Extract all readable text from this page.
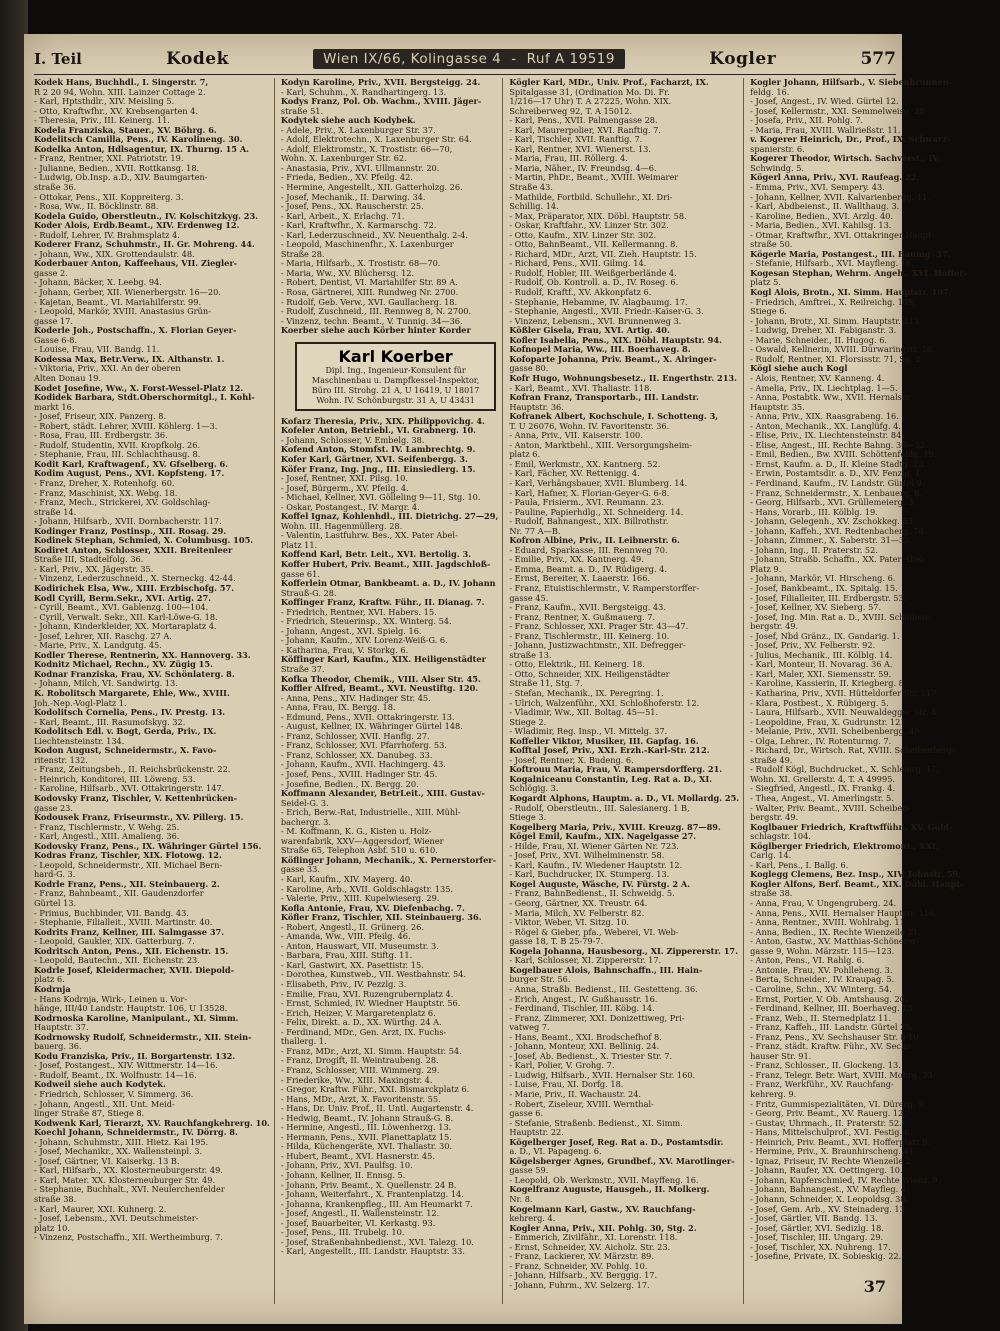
I. Teil	Kodek	Wien IX/66, Kolingasse 4 - Ruf A 19519	Kogler	577
Kodek Hans, Buchhdl., I. Singerstr. 7,
R 2 20 94, Wohn. XIII. Lainzer Cottage 2.
- Karl, Hptsthdlr., XIV. Meisling 5.
- Otto, Kraftwfhr., XV. Krebsengarten 4.
- Theresia, Priv., III. Keinerg. 11.
Kodela Franziska, Stauer., XV. Böhrg. 6.
Kodelitsch Camilla, Pens., IV. Karolineng. 30.
Kodelka Anton, Hdlsagentur, IX. Thurng. 15 A.
- Franz, Rentner, XXI. Patriotstr. 19.
- Julianne, Bedien., XVII. Rottkansg. 18.
- Ludwig, Ob.Insp. a.D., XIV. Baumgarten-
straße 36.
- Ottokar, Pens., XII. Koppreiterg. 3.
- Rosa, Ww., II. Böcklinstr. 88.
Kodela Guido, Oberstleutn., IV. Kolschitzkyg. 23.
Koder Alois, Erdb.Beamt., XIV. Erdenweg 12.
- Rudolf, Lehrer, IV. Brahmsplatz 4.
Koderer Franz, Schuhmstr., II. Gr. Mohreng. 44.
- Johann, Ww., XIX. Grottendaulstr. 48.
Koderbauer Anton, Kaffeehaus, VII. Ziegler-
gasse 2.
- Johann, Bäcker, X. Leebg. 94.
- Johann, Gerber, XII. Wienerbergstr. 16—20.
- Kajetan, Beamt., VI. Mariahilferstr. 99.
- Leopold, Markör, XVIII. Anastasius Grün-
gasse 17.
Koderle Joh., Postschaffn., X. Florian Geyer-
Gasse 6-8.
- Louise, Frau, VII. Bandg. 11.
Kodessa Max, Betr.Verw., IX. Althanstr. 1.
- Viktoria, Priv., XXI. An der oberen
Alten Donau 19.
Kodet Josefine, Ww., X. Forst-Wessel-Platz 12.
Kodidek Barbara, Stdt.Oberschormitgl., I. Kohl-
markt 16.
- Josef, Friseur, XIX. Panzerg. 8.
- Robert, städt. Lehrer, XVIII. Köhlerg. 1—3.
- Rosa, Frau, III. Erdbergstr. 36.
- Rudolf, Studentin, XVII. Kropfkolg. 26.
- Stephanie, Frau, III. Schlachthausg. 8.
Kodit Karl, Kraftwagenf., XV. Gfselberg. 6.
Kodim August, Pens., XVI. Kopfsteng. 17.
- Franz, Dreher, X. Rotenhofg. 60.
- Franz, Maschinist, XX. Webg. 18.
- Franz, Mech., Strickerei, XV. Goldschlag-
straße 14.
- Johann, Hilfsarb., XVII. Dornbacherstr. 117.
Kodinger Franz, Postinsp., XII. Rosag. 29.
Kodinek Stephan, Schmied, X. Columbusg. 105.
Kodiret Anton, Schlosser, XXII. Breitenleer
Straße III, Stadtelfolg. 36.
- Karl, Priv., XX. Jägerstr. 35.
- Vinzenz, Lederzuschneid., X. Sterneckg. 42-44.
Kodirichek Elsa, Ww., XIII. Erzbischofg. 57.
Kodl Cyrill, Berm.Sekr., XVI. Artig. 27.
- Cyrill, Beamt., XVI. Gablenzg. 100—104.
- Cyrill, Verwalt. Sekr., XII. Karl-Löwe-G. 18.
- Johann, Kinderkleider, XX. Mortaraplatz 4.
- Josef, Lehrer, XII. Raschg. 27 A.
- Marie, Priv., X. Landgutg. 45.
Kodler Therese, Rentnerin, XX. Hannoverg. 33.
Kodnitz Michael, Rechn., XV. Zügig 15.
Kodnar Franziska, Frau, XV. Schönlaterg. 8.
- Johann, Milch, VI. Sandwirtg. 13.
K. Robolitsch Margarete, Ehle, Ww., XVIII.
Joh.-Nep.-Vogl-Platz 1.
Kodolitsch Cornelia, Pens., IV. Prestg. 13.
- Karl, Beamt., III. Rasumofskyg. 32.
Kodolitsch Edl. v. Bogt, Gerda, Priv., IX.
Liechtensteinstr. 134.
Kodon August, Schneidermstr., X. Favo-
ritenstr. 132.
- Franz, Zeitungsbeh., II. Reichsbrückenstr. 22.
- Heinrich, Konditorei, III. Löweng. 53.
- Karoline, Hilfsarb., XVI. Ottakringerstr. 147.
Kodovsky Franz, Tischler, V. Kettenbrücken-
gasse 23.
Kodousek Franz, Friseurmstr., XV. Pillerg. 15.
- Franz, Tischlermstr., V. Wehg. 25.
- Karl, Angestl., XIII. Amalieng. 36.
Kodovsky Franz, Pens., IX. Währinger Gürtel 156.
Kodras Franz, Tischler, XIX. Flotowg. 12.
- Leopold, Schneidermstr., XII. Michael Bern-
hard-G. 3.
Kodrle Franz, Pens., XII. Steinbauerg. 2.
- Franz, Bahnbeamt., XII. Gaudenzdorfer
Gürtel 13.
- Primus, Buchbinder, VII. Bandg. 43.
- Stephanie, Filialleit., XVIII. Martinstr. 40.
Kodrits Franz, Kellner, III. Salmgasse 37.
- Leopold, Gaukler, XIX. Gatterburg. 7.
Kodritsch Anton, Pens., XII. Eichenstr. 15.
- Leopold, Bautechn., XII. Eichenstr. 23.
Kodrle Josef, Kleidermacher, XVII. Diepold-
platz 6.
Kodrnja
- Hans Kodrnja, Wirk-, Leinen u. Vor-
hänge, III/40 Landstr. Hauptstr. 106, U 13528.
Kodrnoska Karoline, Manipulant., XI. Simm.
Hauptstr. 37.
Kodrnowsky Rudolf, Schneidermstr., XII. Stein-
bauerg. 36.
Kodu Franziska, Priv., II. Borgartenstr. 132.
- Josef, Postangest., XIV. Wittmerstr. 14—16.
- Rudolf, Beamt., IX. Wolfnustr. 14—16.
Kodweil siehe auch Kodytek.
- Friedrich, Schlosser, V. Simmerg. 36.
- Johann, Angestl., XII. Unt. Meid-
linger Straße 87, Stiege 8.
Kodwenk Karl, Tierarzt, XV. Rauchfangkehrerg. 10.
Koechl Johann, Schneidermstr., IV. Dörrg. 8.
- Johann, Schuhmstr., XIII. Hietz. Kai 195.
- Josef, Mechanikr., XX. Wallensteinpl. 3.
- Josef, Gärtner, VI. Kaiserkg. 13 B.
- Karl, Hilfsarb., XX. Klosterneuburgerstr. 49.
- Karl, Mater. XX. Klosterneuburger Str. 49.
- Stephanie, Buchhalt., XVI. Neulerchenfelder
straße 38.
- Karl, Maurer, XXI. Kuhnerg. 2.
- Josef, Lebensm., XVI. Deutschmeister-
platz 10.
- Vinzenz, Postschaffn., XII. Wertheimburg. 7.
Kodyn Karoline, Priv., XVII. Bergsteigg. 24.
- Karl, Schuhm., X. Randhartingerg. 13.
Kodys Franz, Pol. Ob. Wachm., XVIII. Jäger-
straße 51.
Kodytek siehe auch Kodybek.
- Adele, Priv., X. Laxenburger Str. 37.
- Adolf, Elektrotechn., X. Laxenburger Str. 64.
- Adolf, Elektromstr., X. Trostistr. 66—70,
Wohn. X. Laxenburger Str. 62.
- Anastasia, Priv., XVI. Ullmannstr. 20.
- Frieda, Bedien., XV. Pfeilg. 42.
- Hermine, Angestellt., XII. Gatterholzg. 26.
- Josef, Mechanik., II. Darwing. 34.
- Josef, Pens., XX. Rauscherstr. 25.
- Karl, Arbeit., X. Erlachg. 71.
- Karl, Kraftwfhr., X. Karmarschg. 72.
- Karl, Lederzuschneid., XV. Neuenthalg. 2-4.
- Leopold, Maschinenfhr., X. Laxenburger
Straße 28.
- Maria, Hilfsarb., X. Trostistr. 68—70.
- Maria, Ww., XV. Blüchersg. 12.
- Robert, Dentist, VI. Mariahilfer Str. 89 A.
- Rosa, Gärtnerei, XIII. Rundweg Nr. 2700.
- Rudolf, Geb. Verw., XVI. Gaullacherg. 18.
- Rudolf, Zuschneid., III. Rennweg 8, N. 2700.
- Vinzenz, techn. Beamt., V. Tunnig. 34—36.
Koerber siehe auch Körber hinter Korder
Karl Koerber
Dipl. Ing., Ingenieur-Konsulent für
Maschinenbau u. Dampfkessel-Inspektor,
Büro III. Strohg. 21 A, U 16419, U 18017
Wohn. IV. Schönburgstr. 31 A, U 43431
Kofarz Theresia, Priv., XIX. Philippovichg. 4.
Kofeler Anton, Betriebl., VI. Grabnerg. 10.
- Johann, Schlosser, V. Embelg. 38.
Kofend Anton, Stomfst. IV. Lambrechtg. 9.
Kofer Karl, Gärtner, XVI. Seifenbergg. 3.
Köfer Franz, Ing. Jng., III. Einsiedlerg. 15.
- Josef, Rentner, XXI. Pilsg. 10.
- Josef, Bürgerm., XV. Pfeilg. 4.
- Michael, Kellner, XVI. Gölleling 9—11, Stg. 10.
- Oskar, Postangest., IV. Margr. 4.
Koffel Ignaz, Kohlenhdl., III. Dietrichg. 27—29,
Wohn. III. Hagenmüllerg. 28.
- Valentin, Lastfuhrw. Bes., XX. Pater Abel-
Platz 11.
Koffend Karl, Betr. Leit., XVI. Bertolig. 3.
Koffer Hubert, Priv. Beamt., XIII. Jagdschloß-
gasse 61.
Kofferlein Otmar, Bankbeamt. a. D., IV. Johann
Strauß-G. 28.
Koffinger Franz, Kraftw. Führ., II. Dianag. 7.
- Friedrich, Rentner, XVI. Habers. 15.
- Friedrich, Steuerinsp., XX. Winterg. 54.
- Johann, Angest., XVI. Spielg. 16.
- Johann, Kaufm., XIV. Lorenz-Weiß-G. 6.
- Katharina, Frau, V. Storkg. 6.
Köffinger Karl, Kaufm., XIX. Heiligenstädter
Straße 37.
Kofka Theodor, Chemik., VIII. Alser Str. 45.
Koffler Alfred, Beamt., XVI. Neustiftg. 120.
- Anna, Pens., XIV. Hadinger Str. 45.
- Anna, Frau, IX. Bergg. 18.
- Edmund, Pens., XVII. Ottakringerstr. 13.
- August, Kellner, IX. Währinger Gürtel 148.
- Franz, Schlosser, XVII. Hanflg. 27.
- Franz, Schlosser, XVI. Pfarrhoferg. 53.
- Franz, Schlosser, XX. Danubeg. 33.
- Johann, Kaufm., XVII. Hachingerg. 43.
- Josef, Pens., XVIII. Hadinger Str. 45.
- Josefine, Bedien., IX. Bergg. 20.
Koffmann Alexander, BetrLeit., XIII. Gustav-
Seidel-G. 3.
- Erich, Berw.-Rat, Industrielle., XIII. Mühl-
bachergr. 3.
- M. Koffmann, K. G., Kisten u. Holz-
warenfabrik, XXV—Aggersdorf, Wiener
Straße 65, Telephon Asbf. 510 u. 610.
Köflinger Johann, Mechanik., X. Pernerstorfer-
gasse 33.
- Karl, Kaufm., XIV. Mayerg. 40.
- Karoline, Arb., XVII. Goldschlagstr. 135.
- Valerie, Priv., XIII. Kupelwieserg. 29.
Kofla Antonie, Frau, XV. Diefenbachg. 7.
Köfler Franz, Tischler, XII. Steinbauerg. 36.
- Robert, Angestl., II. Grünerg. 26.
- Amanda, Ww., VIII. Pfeilg. 46.
- Anton, Hauswart, VII. Museumstr. 3.
- Barbara, Frau, XIII. Stiftg. 11.
- Karl, Gastwirt, XX. Pasettistr. 15.
- Dorothea, Kunstweb., VII. Westbahnstr. 54.
- Elisabeth, Priv., IV. Pezzlg. 3.
- Emilie, Frau, XVI. Ruzengrubernplatz 4.
- Ernst, Schmied, IV. Wiedner Hauptstr. 56.
- Erich, Heizer, V. Margaretenplatz 6.
- Felix, Direkt. a. D., XX. Würthg. 24 A.
- Ferdinand, MDr., Gen. Arzt, IX. Fuchs-
thallerg. 1.
- Franz, MDr., Arzt, XI. Simm. Hauptstr. 54.
- Franz, Drogift, II. Weintraubeng. 28.
- Franz, Schlosser, VIII. Wimmerg. 29.
- Friederike, Ww., XIII. Maxingstr. 4.
- Gregor, Kraftw. Führ., XXI. Bismarckplatz 6.
- Hans, MDr., Arzt, X. Favoritenstr. 55.
- Hans, Dr. Univ. Prof., II. Untl. Augartenstr. 4.
- Hedwig, Beamt., IV. Johann Strauß-G. 8.
- Hermine, Angestl., III. Löwenherzg. 13.
- Hermann, Pens., XVII. Planettaplatz 15.
- Hilda, Küchengerätе, XVI. Thaliastr. 30.
- Hubert, Beamt., XVI. Hasnerstr. 45.
- Johann, Priv., XVI. Paulfsg. 10.
- Johann, Kellner, II. Ennsg. 5.
- Johann, Priv. Beamt., X. Quellenstr. 24 B.
- Johann, Weiterfahrt., X. Frantenplatzg. 14.
- Johanna, Krankenpfleg., III. Am Heumarkt 7.
- Josef, Angestl., II. Wallensteinstr. 12.
- Josef, Bauarbeiter, VI. Kerkastg. 93.
- Josef, Pens., III. Trubelg. 10.
- Josef, Straßenbahnbedienst., XVI. Talezg. 10.
- Karl, Angestellt., III. Landstr. Hauptstr. 33.
Kögler Karl, MDr., Univ. Prof., Facharzt, IX.
Spitalgasse 31, (Ordination Mo. Di. Fr.
1/216—17 Uhr) T. A 27225, Wohn. XIX.
Schreiberweg 92, T. A 15012.
- Karl, Pens., XVII. Palmengasse 28.
- Karl, Maurerpolier, XVI. Ranftig. 7.
- Karl, Tischler, XVII. Ranftig. 7.
- Karl, Rentner, XVI. Wienerst. 13.
- Maria, Frau, III. Röllerg. 4.
- Maria, Näher., IV. Freundsg. 4—6.
- Martin, PhDr., Beamt., XVIII. Weimarer
Straße 43.
- Mathilde, Fortbild. Schullehr., XI. Dri-
Schillig. 14.
- Max, Präparator, XIX. Döbl. Hauptstr. 58.
- Oskar, Kraftfahr., XV. Linzer Str. 302.
- Otto, Kaufm., XIV. Linzer Str. 302.
- Otto, BahnBeamt., VII. Kellermanng. 8.
- Richard, MDr., Arzt, VII. Zieh. Hauptstr. 15.
- Richard, Pens., XVII. Gilmg. 14.
- Rudolf, Hobler, III. Weißgerberlände 4.
- Rudolf, Ob. Kontroll. a. D., IV. Roseg. 6.
- Rudolf, Kraftf., XV. Akkonpfatz 6.
- Stephanie, Hebamme, IV. Alagbaumg. 17.
- Stephanie, Angestl., XVII. Friedr.-Kaiser-G. 3.
- Vinzenz, Lebensm., XVI. Brunnenweg 3.
Kößler Gisela, Frau, XVI. Artig. 40.
Kofler Isabella, Pens., XIX. Döbl. Hauptstr. 94.
Kofnopel Maria, Ww., III. Boerhaveg. 8.
Kofoparte Johanna, Priv. Beamt., X. Alringer-
gasse 80.
Kofr Hugo, Wohnungsbesetz., II. Engerthstr. 213.
- Karl, Beamt., XVI. Thaliastr. 118.
Kofran Franz, Transportarb., III. Landstr.
Hauptstr. 36.
Kofranek Albert, Kochschule, I. Schotteng. 3,
T. U 26076, Wohn. IV. Favoritenstr. 36.
- Anna, Priv., VII. Kaiserstr. 100.
- Anton, Marktbehl., XIII. Versorgungsheim-
platz 6.
- Emil, Werkmstr., XX. Kantnerg. 52.
- Karl, Fächer, XV. Rettenigg. 4.
- Karl, Verhängsbauer, XVII. Blumberg. 14.
- Karl, Hafner, X. Florian-Geyer-G. 6-8.
- Paula, Frisierm., XVI. Reumann. 23.
- Pauline, Papierhdlg., XI. Schneiderg. 14.
- Rudolf, Bahnangest., XIX. Billrothstr.
Nr. 77 A—B.
Kofron Albine, Priv., II. Leibnerstr. 6.
- Eduard, Sparkasse, III. Rennweg 70.
- Emilie, Priv., XX. Kantnerg. 49.
- Emma, Beamt. a. D., IV. Rüdigerg. 4.
- Ernst, Bereiter, X. Laaerstr. 166.
- Franz, Etuistischlermstr., V. Ramperstorffer-
gasse 45.
- Franz, Kaufm., XVII. Bergsteigg. 43.
- Franz, Rentner, X. Gußmauerg. 7.
- Franz, Schlosser, XXI. Prager Str. 43—47.
- Franz, Tischlermstr., III. Keinerg. 10.
- Johann, Justizwachtmstr., XII. Defregger-
straße 13.
- Otto, Elektrik., III. Keinerg. 18.
- Otto, Schneider, XIX. Heiligenstädter
Straße 11, Stg. 7.
- Stefan, Mechanik., IX. Peregring. 1.
- Ulrich, Walzenführ., XXI. Schloßhoferstr. 12.
- Vladimir, Ww., XII. Boltag. 45—51.
Stiege 2.
- Wladimir, Reg. Insp., VI. Mittelg. 37.
Koffeller Viktor, Musiker, III. Gapfag. 16.
Kofftal Josef, Priv., XXI. Erzh.-Karl-Str. 212.
- Josef, Rentner, X. Budeng. 6.
Koftrouu Maria, Frau, V. Rampersdorfferg. 21.
Kogalniceanu Constantin, Leg. Rat a. D., XI.
Schlögig. 3.
Kogardt Alphons, Hauptm. a. D., VI. Mollardg. 25.
- Rudolf, Oberstleutn., III. Salesianerg. 1 B,
Stiege 3.
Kogelberg Maria, Priv., XVIII. Kreuzg. 87—89.
Kögel Emil, Kaufm., XIX. Nagelgasse 27.
- Hilde, Frau, XI. Wiener Gärten Nr. 723.
- Josef, Priv., XVI. Wilhelminenstr. 58.
- Karl, Kaufm., IV. Wiedener Hauptstr. 12.
- Karl, Buchdrucker, IX. Stumperg. 13.
Kogel Auguste, Wäsche, IV. Fürstg. 2 A.
- Franz, BahnBedienst., II. Schweidg. 5.
- Georg, Gärtner, XX. Treustr. 64.
- Maria, Milch, XV. Felberstr. 82.
- Viktor, Weber, VI. Sitzg. 10.
- Rögel & Gieber, pfa., Weberei, VI. Web-
gasse 18, T. B 25-79-7.
Kogela Johanna, Hausbesorg., XI. Zippererstr. 17.
- Karl, Schlosser, XI. Zippererstr. 17.
Kogelbauer Alois, Bahnschaffn., III. Hain-
burger Str. 56.
- Anna, Straßb. Bedienst., III. Gestetteng. 36.
- Erich, Angest., IV. Gußhausstr. 16.
- Ferdinand, Tischler, III. Köbg. 14.
- Franz, Zimmerer, XXI. Donizettiweg, Pri-
vatweg 7.
- Hans, Beamt., XXI. Brodschefhof 8.
- Johann, Monteur, XXI. Bellinig. 24.
- Josef, Ab. Bedienst., X. Triester Str. 7.
- Karl, Polier, V. Grohg. 7.
- Ludwig, Hilfsarb., XVII. Hernalser Str. 160.
- Luise, Frau, XI. Dorfg. 18.
- Marie, Priv., II. Wachaustr. 24.
- Robert, Ziseleur, XVIII. Wernthal-
gasse 6.
- Stefanie, Straßenb. Bedienst., XI. Simm.
Hauptstr. 22.
Kögelberger Josef, Reg. Rat a. D., Postamtsdir.
a. D., VI. Papageng. 6.
Kögelsberger Agnes, Grundbef., XV. Marotlinger-
gasse 59.
- Leopold, Ob. Werkmstr., XVII. Mayffeng. 16.
Kogelfranz Auguste, Hausgeh., II. Molkerg.
Nr. 8.
Kogelmann Karl, Gastw., XV. Rauchfang-
kehrerg. 4.
Kogler Anna, Priv., XII. Pohlg. 30, Stg. 2.
- Emmerich, Zivilfähr., XI. Lorenstr. 118.
- Ernst, Schneider, XV. Aicholz. Str. 23.
- Franz, Lackierer, XV. Märzstr. 89.
- Franz, Schneider, XV. Pohlg. 10.
- Johann, Hilfsarb., XV. Berggig. 17.
- Johann, Fuhrm., XV. Selzerg. 17.
Kogler Johann, Hilfsarb., V. Siebenbrunnen-
feldg. 16.
- Josef, Angest., IV. Wied. Gürtel 12.
- Josef, Kellermstr., XXI. Semmelweisg. 28.
- Josefa, Priv., XII. Pohlg. 7.
- Maria, Frau, XVIII. Wallrießstr. 11.
v. Kogerer Heinrich, Dr., Prof., IX. Schwarz-
spanierstr. 6.
Kogerer Theodor, Wirtsch. Sachverst., IV.
Schwindg. 5.
Kögerl Anna, Priv., XVI. Raufeag. 22.
- Emma, Priv., XVI. Sempery. 43.
- Johann, Kellner, XVII. Kalvarienbergg. 11.
- Karl, Abdbeienst., II. Wallthaug. 3.
- Karoline, Bedien., XVI. Arzlg. 40.
- Maria, Bedien., XVI. Kahilsg. 13.
- Otmar, Kraftwfhr., XVI. Ottakringer Haupt-
straße 50.
Kögerle Maria, Postangest., III. Baumg. 37.
- Stefanie, Hilfsarb., XVI. Mayfleng. 16.
Kogesan Stephan, Wehrm. Angeh., XVI. Hoffer-
platz 5.
Kogl Alois, Brotn., XI. Simm. Hauptstr. 107.
- Friedrich, Amftrei., X. Reilreichg. 105,
Stiege 6.
- Johann, Brotr., XI. Simm. Hauptstr. 113.
- Ludwig, Dreher, XI. Fabiganstr. 3.
- Marie, Schneider., II. Hugog. 6.
- Oswald, Kellnerin, XVIII. Dürwaringstr. 18.
- Rudolf, Rentner, XI. Florsisstr. 71, Sg. 2.
Kögl siehe auch Kogl
- Alois, Rentner, XV. Kanneng. 4.
- Amelia, Priv., IX. Liechtplag. 1—5.
- Anna, Postabtk. Ww., XVII. Hernalser
Hauptstr. 35.
- Anna, Priv., XIX. Raasgrabeng. 16.
- Anton, Mechanik., XX. Langlüfg. 4.
- Elise, Priv., IX. Liechtensteinstr. 84.
- Elise, Angest., III. Rechte Bahng. 30—32.
- Emil, Bedien., Bw. XVIII. Schöttenfeldg. 19.
- Ernst, Kaufm. a. D., II. Kleine Stadtg. 23.
- Erwin, Postamtsdir. a. D., XIV. Fenzlg. 1.
- Ferdinand, Kaufm., IV. Landstr. Gürtel 9.
- Franz, Schneidermstr., X. Lenbauerg. 8.
- Georg, Hilfsarb., XVI. Grüllemeierg. 3.
- Hans, Vorarb., III. Kölblg. 19.
- Johann, Gelegenh., XV. Zschokkeg. 53.
- Johann, Kaffeh., XVI. Redtenbacherg. 78.
- Johann, Zimmer., X. Saberstr. 31—33.
- Johann, Ing., II. Praterstr. 52.
- Johann, Straßb. Schaffn., XX. Pater Abel-
Platz 9.
- Johann, Markör, VI. Hirscheng. 6.
- Josef, Bankbeamt., IX. Spitalg. 15.
- Josef, Filialleiter, III. Erdbergstr. 53.
- Josef, Kellner, XV. Sieberg. 57.
- Josef, Ing. Min. Rat a. D., XVIII. Scheiben-
bergstr. 49.
- Josef, Nbd Gränz., IX. Gandarig. 1.
- Josef, Priv., XV. Felberstr. 92.
- Julius, Mechanik., III. Kölblg. 14.
- Karl, Monteur, II. Novarag. 36 A.
- Karl, Maler, XXI. Siemensstr. 59.
- Karoline, Kassierin, II. Kriegberg. 8.
- Katharina, Priv., XVII. Hütteldorfer Str. 217.
- Klara, Postbest., X. Rübigerg. 5.
- Laura, Hilfsarb., XVII. Neuwaldegger Str. 4.
- Leopoldine, Frau, X. Gudrunstr. 121.
- Melanie, Priv., XVII. Scheibenbergg. 49.
- Olga, Lehrer., IV. Rotenturmg. 7.
- Richard, Dr., Wirtsch. Rat, XVIII. Scheibenberg-
straße 49.
- Rudolf Kögl, Buchdrucket., X. Schleierg. 17,
Wohn. XI. Grellerstr. 4, T. A 49995.
- Siegfried, Angestl., IX. Frankg. 4.
- Thea, Angest., VI. Amerlingstr. 5.
- Walter, Priv. Beamt., XVIII. Scheiben-
bergstr. 49.
Koglbauer Friedrich, Kraftwfführ., XV. Gold-
schlagstr. 104.
Köglberger Friedrich, Elektromont., XXI.
Carlg. 14.
- Karl, Pens., I. Ballg. 6.
Koglegg Clemens, Bez. Insp., XIV. Johnstr. 59.
Kogler Alfons, Berf. Beamt., XIX. Döbl. Haupt-
straße 38.
- Anna, Frau, V. Ungengruberg. 24.
- Anna, Pens., XVII. Hernalser Hauptstr. 116.
- Anna, Rentner., XVIII. Wohlrabg. 11.
- Anna, Bedien., IX. Rechte Wienzeile 21.
- Anton, Gastw., XV. Matthias-Schönerer-
gasse 9, Wohn. Märzstr. 115—123.
- Anton, Pens., VI. Rahlg. 6.
- Antonie, Frau, XV. Pohlleheng. 3.
- Berta, Schneider., IV. Kraupag. 5.
- Caroline, Schn., XV. Winterg. 54.
- Ernst, Portier, V. Ob. Amtshausg. 20.
- Ferdinand, Kellner, III. Boerhaveg. 13.
- Franz, Web., II. Sternedplatz 11.
- Franz, Kaffeh., III. Landstr. Gürtel 25.
- Franz, Pens., XV. Sechshauser Str. 8-10.
- Franz, städt. Kraftw. Führ., XV. Sechs-
hauser Str. 91.
- Franz, Schlosser., II. Glockeng. 13.
- Franz, Telegr. Betr. Wart, XVIII. Mohrg. 33.
- Franz, Werkführ., XV. Rauchfang-
kehrerg. 9.
- Fritz, Gummispezialitäten, VI. Dürerg. 9.
- Georg, Priv. Beamt., XV. Rauerg. 12.
- Gustav, Uhrmach., II. Praterstr. 52.
- Hans, Mittelschulprof., XVI. Festig. 6.
- Heinrich, Priv. Beamt., XVI. Hofferplatz 8.
- Hermine, Priv., X. Braunhirscheng. 41.
- Ignaz, Friseur, IV. Rechte Wienzeile 2.
- Johann, Raufer, XX. Oettingerg. 10.
- Johann, Kupferschmied, IV. Rechte Wienz. 9.
- Johann, Bahnangest., XV. Mayfleg. 4.
- Johann, Schneider, X. Leopoldsg. 38.
- Josef, Gem. Arb., XV. Steinaderg. 13.
- Josef, Gärtler, VII. Bandg. 13.
- Josef, Gärtler, XVI. Sedizlg. 18.
- Josef, Tischler, III. Ungarg. 29.
- Josef, Tischler, XX. Nuhreng. 17.
- Josefine, Private, IX. Sobieskig. 22.
37
